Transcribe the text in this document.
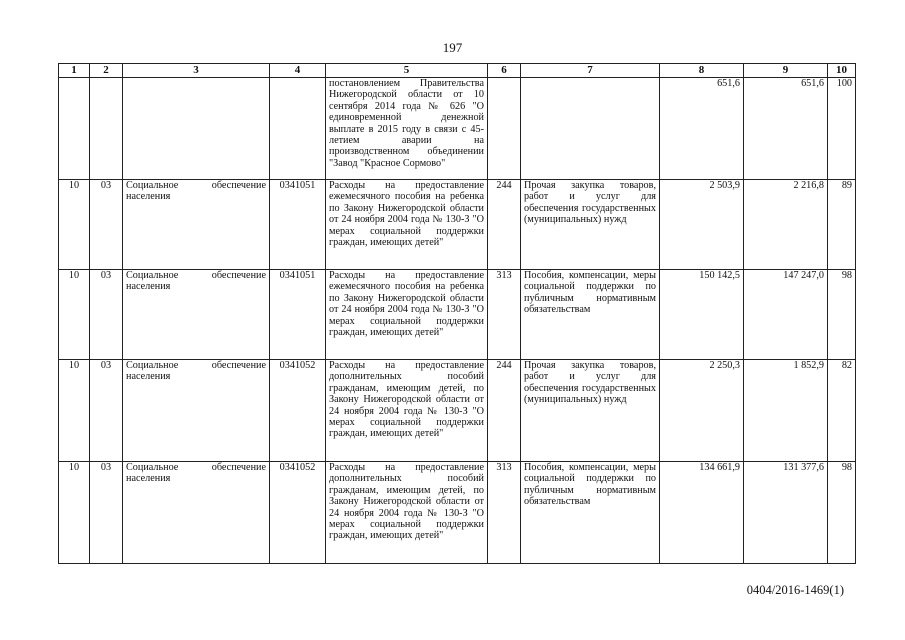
197
1	2	3	4	5	6	7	8	9	10
				постановлением Правительства Нижегородской области от 10 сентября 2014 года № 626 "О единовременной денежной выплате в 2015 году в связи с 45-летием аварии на производственном объединении "Завод "Красное Сормово"			651,6	651,6	100
10	03	Социальное обеспечение населения	0341051	Расходы на предоставление ежемесячного пособия на ребенка по Закону Нижегородской области от 24 ноября 2004 года № 130-З "О мерах социальной поддержки граждан, имеющих детей"	244	Прочая закупка товаров, работ и услуг для обеспечения государственных (муниципальных) нужд	2 503,9	2 216,8	89
10	03	Социальное обеспечение населения	0341051	Расходы на предоставление ежемесячного пособия на ребенка по Закону Нижегородской области от 24 ноября 2004 года № 130-З "О мерах социальной поддержки граждан, имеющих детей"	313	Пособия, компенсации, меры социальной поддержки по публичным нормативным обязательствам	150 142,5	147 247,0	98
10	03	Социальное обеспечение населения	0341052	Расходы на предоставление дополнительных пособий гражданам, имеющим детей, по Закону Нижегородской области от 24 ноября 2004 года № 130-З "О мерах социальной поддержки граждан, имеющих детей"	244	Прочая закупка товаров, работ и услуг для обеспечения государственных (муниципальных) нужд	2 250,3	1 852,9	82
10	03	Социальное обеспечение населения	0341052	Расходы на предоставление дополнительных пособий гражданам, имеющим детей, по Закону Нижегородской области от 24 ноября 2004 года № 130-З "О мерах социальной поддержки граждан, имеющих детей"	313	Пособия, компенсации, меры социальной поддержки по публичным нормативным обязательствам	134 661,9	131 377,6	98
0404/2016-1469(1)
